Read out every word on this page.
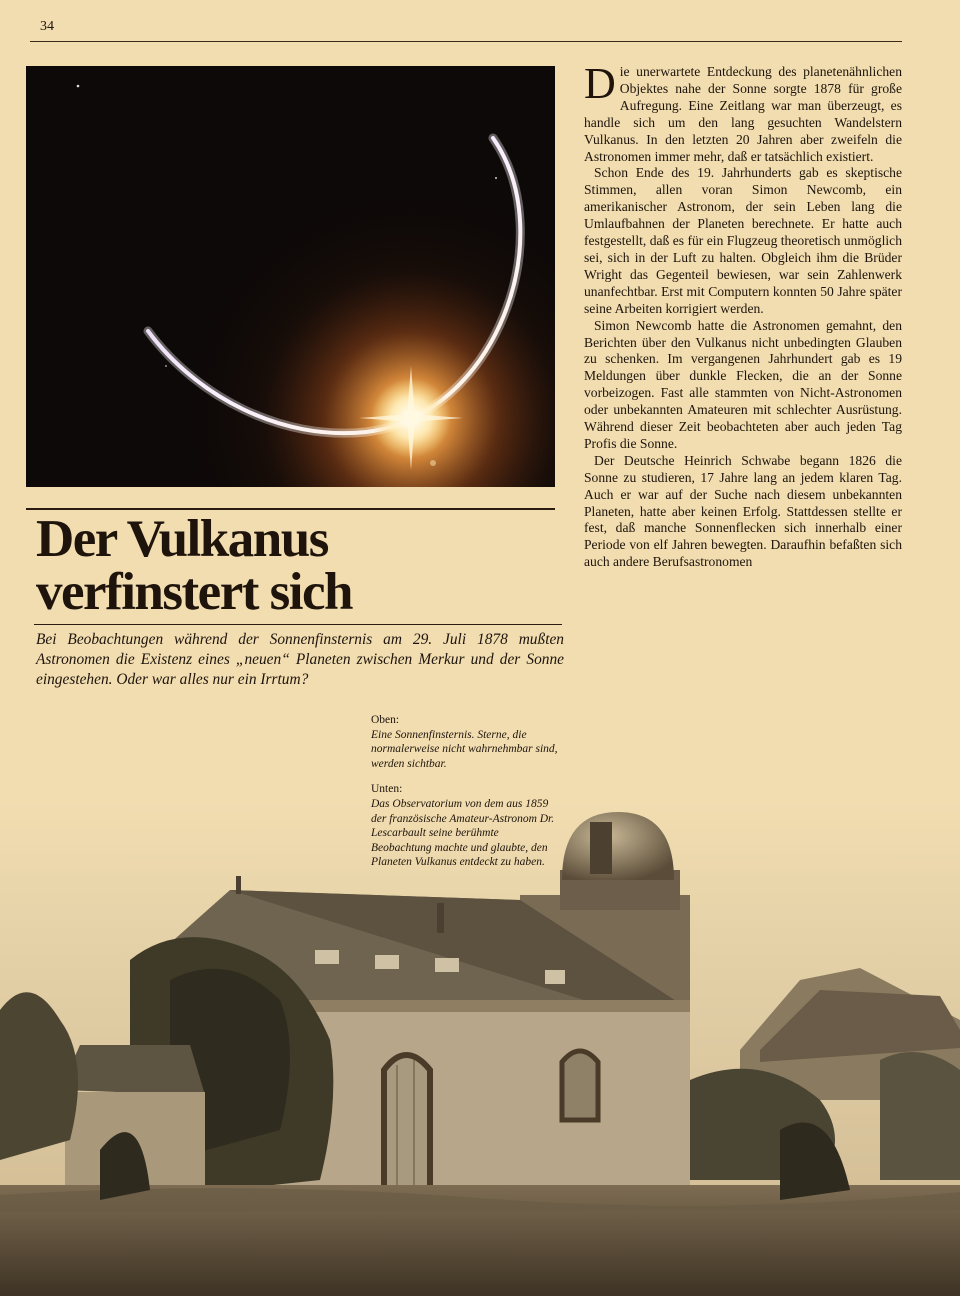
34

Die unerwartete Entdeckung des planetenähnlichen Objektes nahe der Sonne sorgte 1878 für große Aufregung. Eine Zeitlang war man überzeugt, es handle sich um den lang gesuchten Wandelstern Vulkanus. In den letzten 20 Jahren aber zweifeln die Astronomen immer mehr, daß er tatsächlich existiert.

Schon Ende des 19. Jahrhunderts gab es skeptische Stimmen, allen voran Simon Newcomb, ein amerikanischer Astronom, der sein Leben lang die Umlaufbahnen der Planeten berechnete. Er hatte auch festgestellt, daß es für ein Flugzeug theoretisch unmöglich sei, sich in der Luft zu halten. Obgleich ihm die Brüder Wright das Gegenteil bewiesen, war sein Zahlenwerk unanfechtbar. Erst mit Computern konnten 50 Jahre später seine Arbeiten korrigiert werden.

Simon Newcomb hatte die Astronomen gemahnt, den Berichten über den Vulkanus nicht unbedingten Glauben zu schenken. Im vergangenen Jahrhundert gab es 19 Meldungen über dunkle Flecken, die an der Sonne vorbeizogen. Fast alle stammten von Nicht-Astronomen oder unbekannten Amateuren mit schlechter Ausrüstung. Während dieser Zeit beobachteten aber auch jeden Tag Profis die Sonne.

Der Deutsche Heinrich Schwabe begann 1826 die Sonne zu studieren, 17 Jahre lang an jedem klaren Tag. Auch er war auf der Suche nach diesem unbekannten Planeten, hatte aber keinen Erfolg. Stattdessen stellte er fest, daß manche Sonnenflecken sich innerhalb einer Periode von elf Jahren bewegten. Daraufhin befaßten sich auch andere Berufsastronomen

Der Vulkanus
verfinstert sich

Bei Beobachtungen während der Sonnenfinsternis am 29. Juli 1878 mußten Astronomen die Existenz eines „neuen“ Planeten zwischen Merkur und der Sonne eingestehen. Oder war alles nur ein Irrtum?

Oben:
Eine Sonnenfinsternis. Sterne, die normalerweise nicht wahrnehmbar sind, werden sichtbar.
Unten:
Das Observatorium von dem aus 1859 der französische Amateur-Astronom Dr. Lescarbault seine berühmte Beobachtung machte und glaubte, den Planeten Vulkanus entdeckt zu haben.
